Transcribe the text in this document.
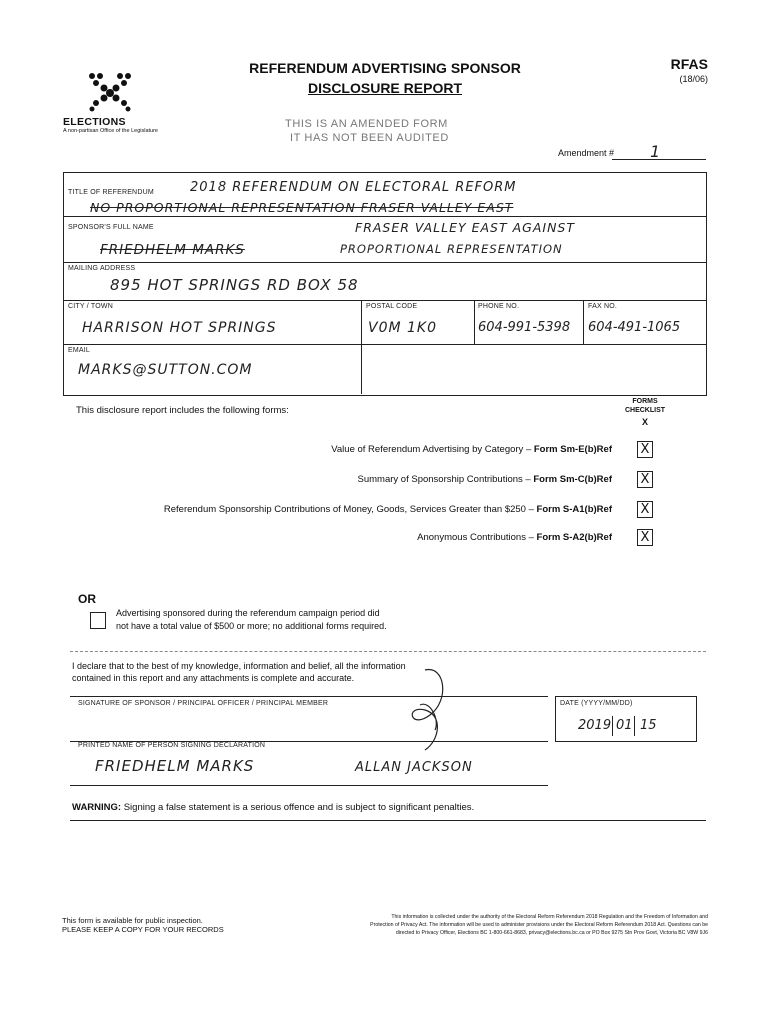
ELECTIONS
A non-partisan Office of the Legislature
REFERENDUM ADVERTISING SPONSOR
DISCLOSURE REPORT
RFAS
(18/06)
THIS IS AN AMENDED FORM
IT HAS NOT BEEN AUDITED
Amendment # 1
TITLE OF REFERENDUM	2018 REFERENDUM ON ELECTORAL REFORM
NO PROPORTIONAL REPRESENTATION FRASER VALLEY EAST
SPONSOR'S FULL NAME	FRASER VALLEY EAST AGAINST
FRIEDHELM MARKS	PROPORTIONAL REPRESENTATION
MAILING ADDRESS
895 HOT SPRINGS RD BOX 58
CITY / TOWN	POSTAL CODE	PHONE NO.	FAX NO.
HARRISON HOT SPRINGS	V0M 1K0	604-991-5398 604-491-1065
EMAIL
MARKS@SUTTON.COM
This disclosure report includes the following forms:
FORMS
CHECKLIST
X
Value of Referendum Advertising by Category – Form Sm-E(b)Ref X
Summary of Sponsorship Contributions – Form Sm-C(b)Ref X
Referendum Sponsorship Contributions of Money, Goods, Services Greater than $250 – Form S-A1(b)Ref X
Anonymous Contributions – Form S-A2(b)Ref X
OR
Advertising sponsored during the referendum campaign period did
not have a total value of $500 or more; no additional forms required.
I declare that to the best of my knowledge, information and belief, all the information
contained in this report and any attachments is complete and accurate.
SIGNATURE OF SPONSOR / PRINCIPAL OFFICER / PRINCIPAL MEMBER	DATE (YYYY/MM/DD)
2019 01 15
PRINTED NAME OF PERSON SIGNING DECLARATION
FRIEDHELM MARKS	ALLAN JACKSON
WARNING: Signing a false statement is a serious offence and is subject to significant penalties.
This form is available for public inspection.
PLEASE KEEP A COPY FOR YOUR RECORDS
This information is collected under the authority of the Electoral Reform Referendum 2018 Regulation and the Freedom of Information and
Protection of Privacy Act. The information will be used to administer provisions under the Electoral Reform Referendum 2018 Act. Questions can be
directed to Privacy Officer, Elections BC 1-800-661-8683, privacy@elections.bc.ca or PO Box 9275 Stn Prov Govt, Victoria BC V8W 9J6
